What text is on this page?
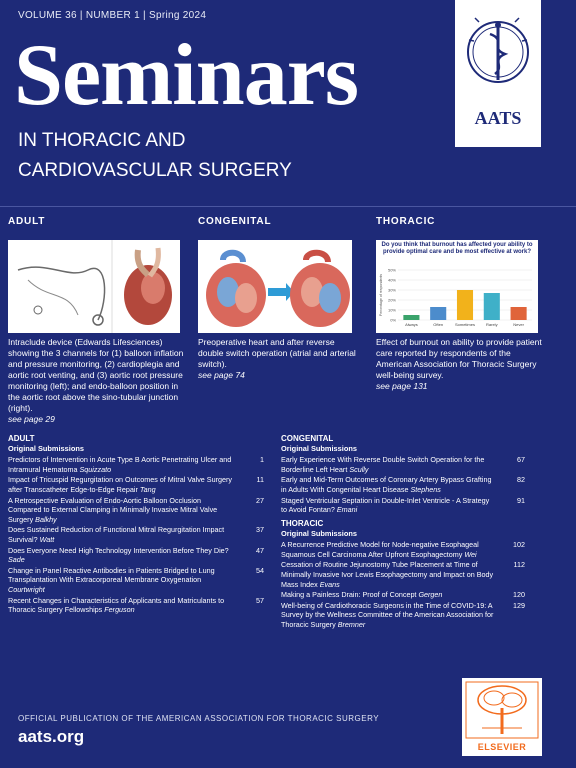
VOLUME 36 | NUMBER 1 | Spring 2024
Seminars
IN THORACIC AND
CARDIOVASCULAR SURGERY
AATS
ADULT
Intraclude device (Edwards Lifesciences) showing the 3 channels for (1) balloon inflation and pressure monitoring, (2) cardioplegia and aortic root venting, and (3) aortic root pressure monitoring (left); and endo-balloon position in the aortic root above the sino-tubular junction (right).
see page 29
CONGENITAL
Preoperative heart and after reverse double switch operation (atrial and arterial switch).
see page 74
THORACIC
Do you think that burnout has affected your ability to provide optimal care and be most effective at work?
0%
10%
20%
30%
40%
50%
Percentage of respondents
Always	Often	Sometimes	Rarely	Never
Effect of burnout on ability to provide patient care reported by respondents of the American Association for Thoracic Surgery well-being survey.
see page 131
ADULT
Original Submissions
Predictors of Intervention in Acute Type B Aortic Penetrating Ulcer and Intramural Hematoma Squizzato
1
Impact of Tricuspid Regurgitation on Outcomes of Mitral Valve Surgery after Transcatheter Edge-to-Edge Repair Tang
11
A Retrospective Evaluation of Endo-Aortic Balloon Occlusion Compared to External Clamping in Minimally Invasive Mitral Valve Surgery Balkhy
27
Does Sustained Reduction of Functional Mitral Regurgitation Impact Survival? Watt
37
Does Everyone Need High Technology Intervention Before They Die? Sade
47
Change in Panel Reactive Antibodies in Patients Bridged to Lung Transplantation With Extracorporeal Membrane Oxygenation Courtwright
54
Recent Changes in Characteristics of Applicants and Matriculants to Thoracic Surgery Fellowships Ferguson
57
CONGENITAL
Original Submissions
Early Experience With Reverse Double Switch Operation for the Borderline Left Heart Scully
67
Early and Mid-Term Outcomes of Coronary Artery Bypass Grafting in Adults With Congenital Heart Disease Stephens
82
Staged Ventricular Septation in Double-Inlet Ventricle - A Strategy to Avoid Fontan? Emani
91
THORACIC
Original Submissions
A Recurrence Predictive Model for Node-negative Esophageal Squamous Cell Carcinoma After Upfront Esophagectomy Wei
102
Cessation of Routine Jejunostomy Tube Placement at Time of Minimally Invasive Ivor Lewis Esophagectomy and Impact on Body Mass Index Evans
112
Making a Painless Drain: Proof of Concept Gergen	120
Well-being of Cardiothoracic Surgeons in the Time of COVID-19: A Survey by the Wellness Committee of the American Association for Thoracic Surgery Bremner
129
OFFICIAL PUBLICATION OF THE AMERICAN ASSOCIATION FOR THORACIC SURGERY
aats.org
ELSEVIER
